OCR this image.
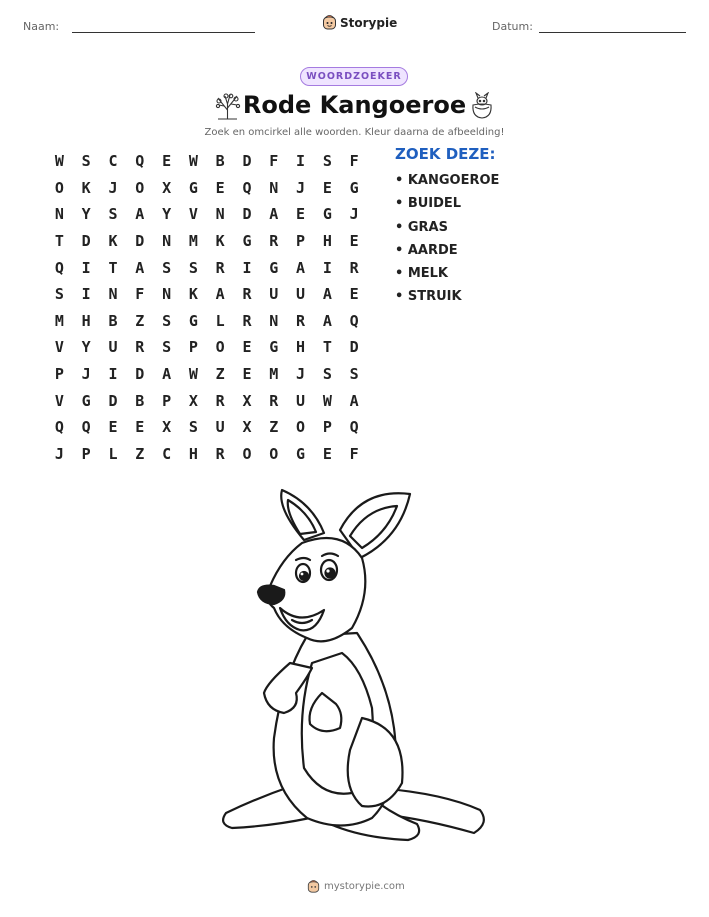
Naam:	Storypie	Datum:
WOORDZOEKER
Rode Kangoeroe
Zoek en omcirkel alle woorden. Kleur daarna de afbeelding!
W	S	C	Q	E	W	B	D	F	I	S	F
O	K	J	O	X	G	E	Q	N	J	E	G
N	Y	S	A	Y	V	N	D	A	E	G	J
T	D	K	D	N	M	K	G	R	P	H	E
Q	I	T	A	S	S	R	I	G	A	I	R
S	I	N	F	N	K	A	R	U	U	A	E
M	H	B	Z	S	G	L	R	N	R	A	Q
V	Y	U	R	S	P	O	E	G	H	T	D
P	J	I	D	A	W	Z	E	M	J	S	S
V	G	D	B	P	X	R	X	R	U	W	A
Q	Q	E	E	X	S	U	X	Z	O	P	Q
J	P	L	Z	C	H	R	O	O	G	E	F
ZOEK DEZE:
• KANGOEROE
• BUIDEL
• GRAS
• AARDE
• MELK
• STRUIK
mystorypie.com
